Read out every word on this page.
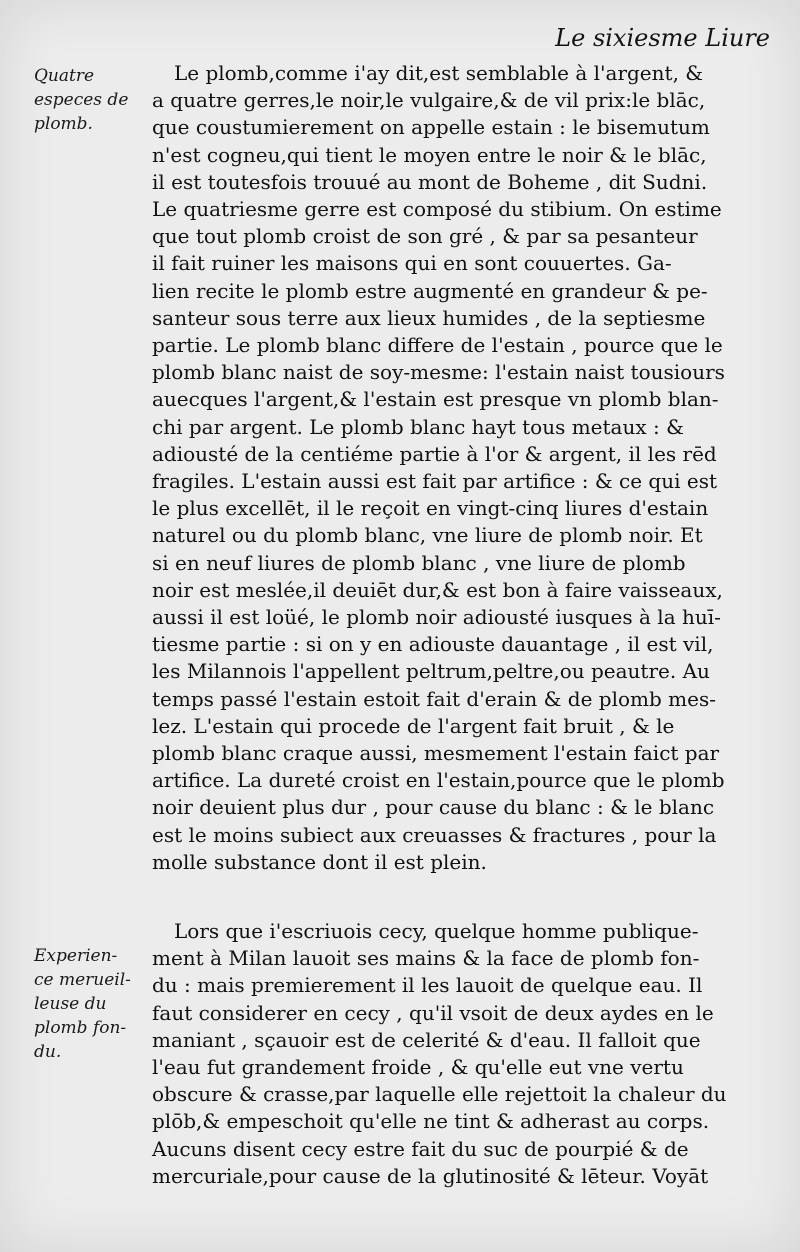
Le sixiesme Liure
Quatre
especes de
plomb.
Experien-
ce merueil-
leuse du
plomb fon-
du.

Le plomb,comme i'ay dit,est semblable à l'argent, &
a quatre gerres,le noir,le vulgaire,& de vil prix:le blāc,
que coustumierement on appelle estain : le bisemutum
n'est cogneu,qui tient le moyen entre le noir & le blāc,
il est toutesfois trouué au mont de Boheme , dit Sudni.
Le quatriesme gerre est composé du stibium. On estime
que tout plomb croist de son gré , & par sa pesanteur
il fait ruiner les maisons qui en sont couuertes. Ga-
lien recite le plomb estre augmenté en grandeur & pe-
santeur sous terre aux lieux humides , de la septiesme
partie. Le plomb blanc differe de l'estain , pource que le
plomb blanc naist de soy-mesme: l'estain naist tousiours
auecques l'argent,& l'estain est presque vn plomb blan-
chi par argent. Le plomb blanc hayt tous metaux : &
adiousté de la centiéme partie à l'or & argent, il les rēd
fragiles. L'estain aussi est fait par artifice : & ce qui est
le plus excellēt, il le reçoit en vingt-cinq liures d'estain
naturel ou du plomb blanc, vne liure de plomb noir. Et
si en neuf liures de plomb blanc , vne liure de plomb
noir est meslée,il deuiēt dur,& est bon à faire vaisseaux,
aussi il est loüé, le plomb noir adiousté iusques à la huī-
tiesme partie : si on y en adiouste dauantage , il est vil,
les Milannois l'appellent peltrum,peltre,ou peautre. Au
temps passé l'estain estoit fait d'erain & de plomb mes-
lez. L'estain qui procede de l'argent fait bruit , & le
plomb blanc craque aussi, mesmement l'estain faict par
artifice. La dureté croist en l'estain,pource que le plomb
noir deuient plus dur , pour cause du blanc : & le blanc
est le moins subiect aux creuasses & fractures , pour la
molle substance dont il est plein.

Lors que i'escriuois cecy, quelque homme publique-
ment à Milan lauoit ses mains & la face de plomb fon-
du : mais premierement il les lauoit de quelque eau. Il
faut considerer en cecy , qu'il vsoit de deux aydes en le
maniant , sçauoir est de celerité & d'eau. Il falloit que
l'eau fut grandement froide , & qu'elle eut vne vertu
obscure & crasse,par laquelle elle rejettoit la chaleur du
plōb,& empeschoit qu'elle ne tint & adherast au corps.
Aucuns disent cecy estre fait du suc de pourpié & de
mercuriale,pour cause de la glutinosité & lēteur. Voyāt
